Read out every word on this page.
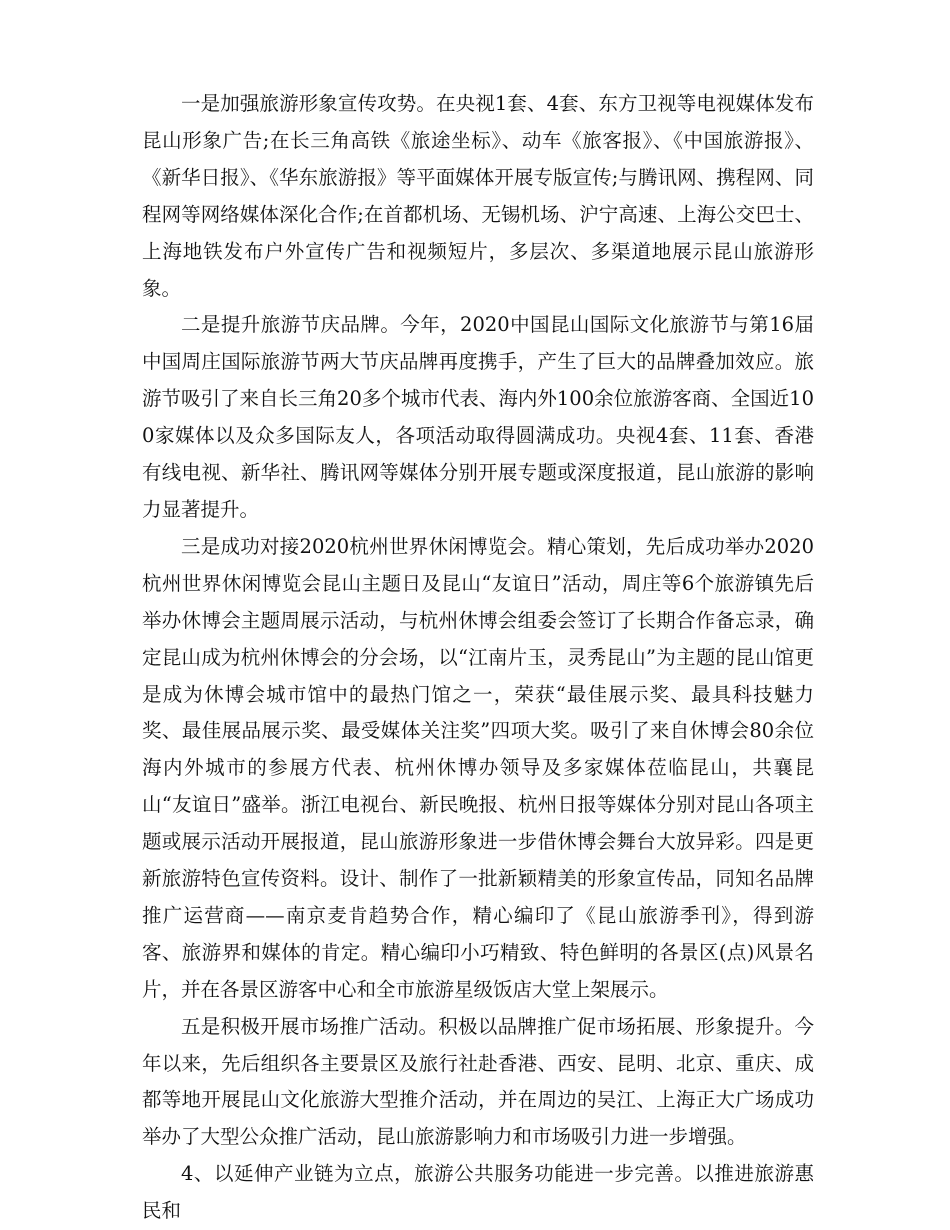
一是加强旅游形象宣传攻势。在央视1套、4套、东方卫视等电视媒体发布昆山形象广告;在长三角高铁《旅途坐标》、动车《旅客报》、《中国旅游报》、《新华日报》、《华东旅游报》等平面媒体开展专版宣传;与腾讯网、携程网、同程网等网络媒体深化合作;在首都机场、无锡机场、沪宁高速、上海公交巴士、上海地铁发布户外宣传广告和视频短片，多层次、多渠道地展示昆山旅游形象。

二是提升旅游节庆品牌。今年，2020中国昆山国际文化旅游节与第16届中国周庄国际旅游节两大节庆品牌再度携手，产生了巨大的品牌叠加效应。旅游节吸引了来自长三角20多个城市代表、海内外100余位旅游客商、全国近100家媒体以及众多国际友人，各项活动取得圆满成功。央视4套、11套、香港有线电视、新华社、腾讯网等媒体分别开展专题或深度报道，昆山旅游的影响力显著提升。

三是成功对接2020杭州世界休闲博览会。精心策划，先后成功举办2020杭州世界休闲博览会昆山主题日及昆山“友谊日”活动，周庄等6个旅游镇先后举办休博会主题周展示活动，与杭州休博会组委会签订了长期合作备忘录，确定昆山成为杭州休博会的分会场，以“江南片玉，灵秀昆山”为主题的昆山馆更是成为休博会城市馆中的最热门馆之一，荣获“最佳展示奖、最具科技魅力奖、最佳展品展示奖、最受媒体关注奖”四项大奖。吸引了来自休博会80余位海内外城市的参展方代表、杭州休博办领导及多家媒体莅临昆山，共襄昆山“友谊日”盛举。浙江电视台、新民晚报、杭州日报等媒体分别对昆山各项主题或展示活动开展报道，昆山旅游形象进一步借休博会舞台大放异彩。四是更新旅游特色宣传资料。设计、制作了一批新颖精美的形象宣传品，同知名品牌推广运营商——南京麦肯趋势合作，精心编印了《昆山旅游季刊》，得到游客、旅游界和媒体的肯定。精心编印小巧精致、特色鲜明的各景区(点)风景名片，并在各景区游客中心和全市旅游星级饭店大堂上架展示。

五是积极开展市场推广活动。积极以品牌推广促市场拓展、形象提升。今年以来，先后组织各主要景区及旅行社赴香港、西安、昆明、北京、重庆、成都等地开展昆山文化旅游大型推介活动，并在周边的吴江、上海正大广场成功举办了大型公众推广活动，昆山旅游影响力和市场吸引力进一步增强。

4、以延伸产业链为立点，旅游公共服务功能进一步完善。以推进旅游惠民和
